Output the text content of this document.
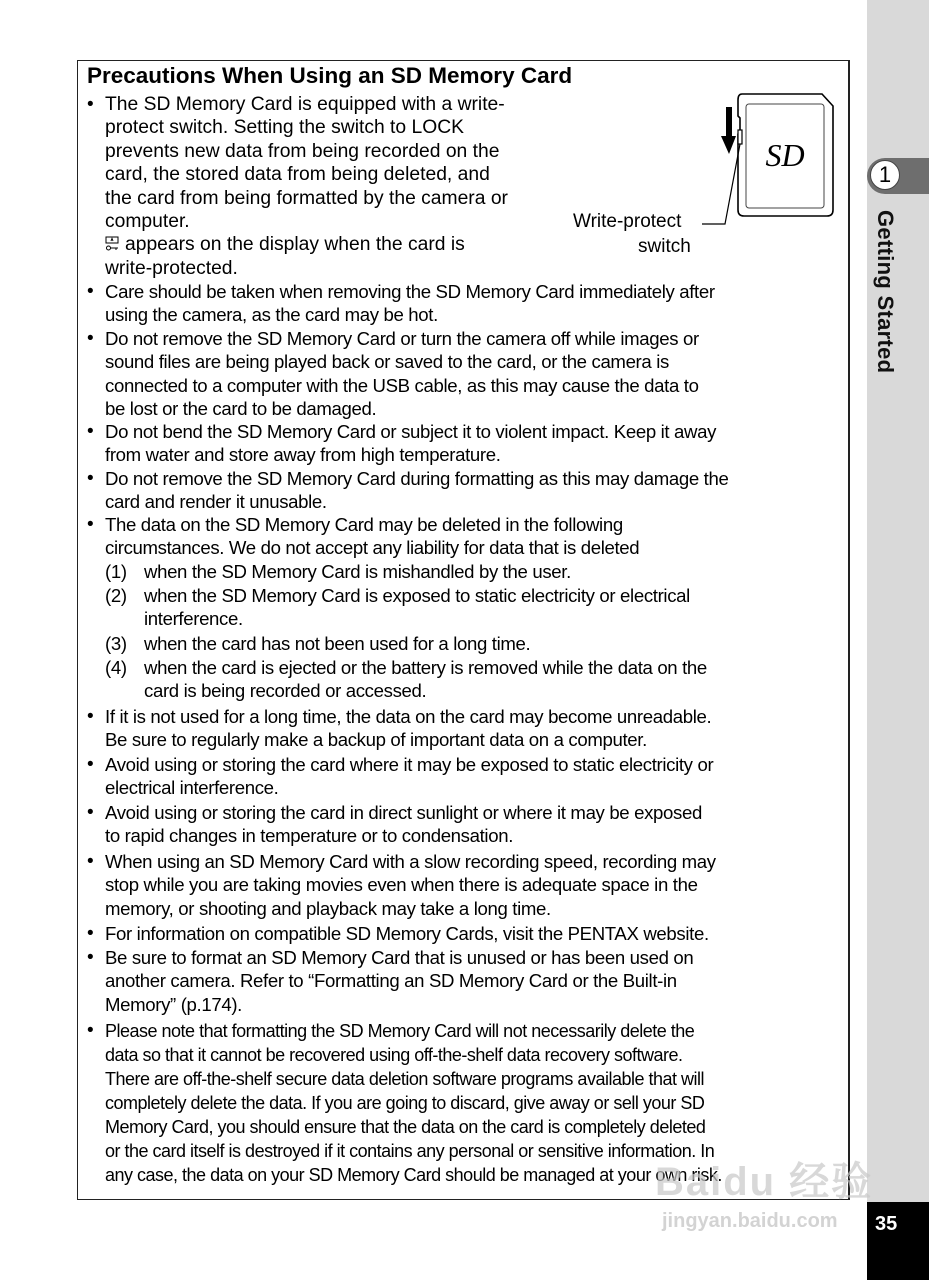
1
Getting Started
35
Precautions When Using an SD Memory Card
SD
Write-protect
switch
• The SD Memory Card is equipped with a write-
protect switch. Setting the switch to LOCK
prevents new data from being recorded on the
card, the stored data from being deleted, and
the card from being formatted by the camera or
computer.
appears on the display when the card is
write-protected.
• Care should be taken when removing the SD Memory Card immediately after
using the camera, as the card may be hot.
• Do not remove the SD Memory Card or turn the camera off while images or
sound files are being played back or saved to the card, or the camera is
connected to a computer with the USB cable, as this may cause the data to
be lost or the card to be damaged.
• Do not bend the SD Memory Card or subject it to violent impact. Keep it away
from water and store away from high temperature.
• Do not remove the SD Memory Card during formatting as this may damage the
card and render it unusable.
• The data on the SD Memory Card may be deleted in the following
circumstances. We do not accept any liability for data that is deleted
(1) when the SD Memory Card is mishandled by the user.
(2) when the SD Memory Card is exposed to static electricity or electrical
interference.
(3) when the card has not been used for a long time.
(4) when the card is ejected or the battery is removed while the data on the
card is being recorded or accessed.
• If it is not used for a long time, the data on the card may become unreadable.
Be sure to regularly make a backup of important data on a computer.
• Avoid using or storing the card where it may be exposed to static electricity or
electrical interference.
• Avoid using or storing the card in direct sunlight or where it may be exposed
to rapid changes in temperature or to condensation.
• When using an SD Memory Card with a slow recording speed, recording may
stop while you are taking movies even when there is adequate space in the
memory, or shooting and playback may take a long time.
• For information on compatible SD Memory Cards, visit the PENTAX website.
• Be sure to format an SD Memory Card that is unused or has been used on
another camera. Refer to “Formatting an SD Memory Card or the Built-in
Memory” (p.174).
• Please note that formatting the SD Memory Card will not necessarily delete the
data so that it cannot be recovered using off-the-shelf data recovery software.
There are off-the-shelf secure data deletion software programs available that will
completely delete the data. If you are going to discard, give away or sell your SD
Memory Card, you should ensure that the data on the card is completely deleted
or the card itself is destroyed if it contains any personal or sensitive information. In
any case, the data on your SD Memory Card should be managed at your own risk.
Baidu 经验
jingyan.baidu.com
